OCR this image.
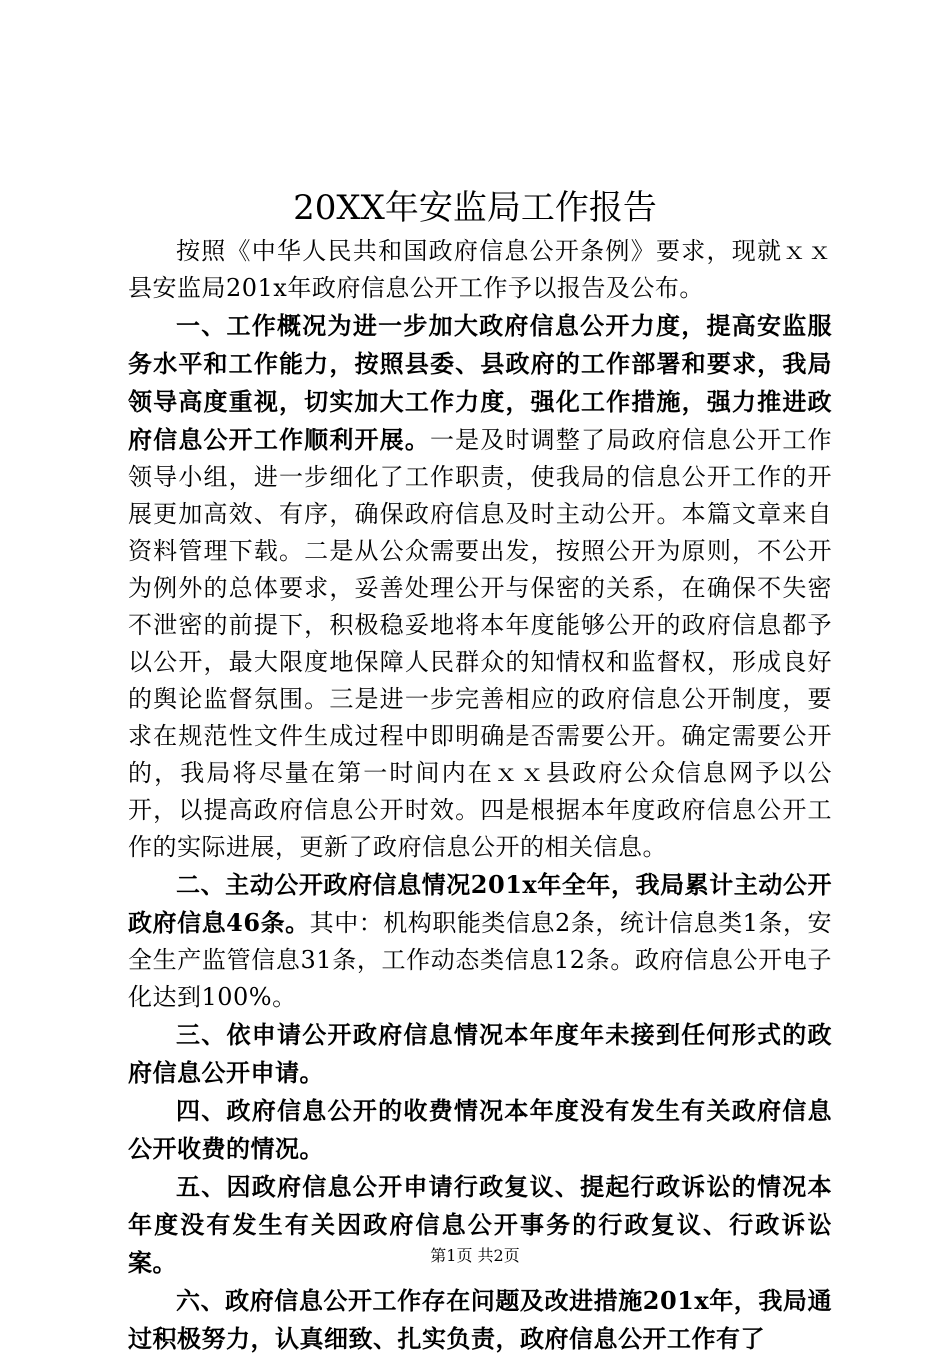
20XX年安监局工作报告

按照《中华人民共和国政府信息公开条例》要求，现就ｘｘ县安监局201x年政府信息公开工作予以报告及公布。

一、工作概况为进一步加大政府信息公开力度，提高安监服务水平和工作能力，按照县委、县政府的工作部署和要求，我局领导高度重视，切实加大工作力度，强化工作措施，强力推进政府信息公开工作顺利开展。一是及时调整了局政府信息公开工作领导小组，进一步细化了工作职责，使我局的信息公开工作的开展更加高效、有序，确保政府信息及时主动公开。本篇文章来自资料管理下载。二是从公众需要出发，按照公开为原则，不公开为例外的总体要求，妥善处理公开与保密的关系，在确保不失密不泄密的前提下，积极稳妥地将本年度能够公开的政府信息都予以公开，最大限度地保障人民群众的知情权和监督权，形成良好的舆论监督氛围。三是进一步完善相应的政府信息公开制度，要求在规范性文件生成过程中即明确是否需要公开。确定需要公开的，我局将尽量在第一时间内在ｘｘ县政府公众信息网予以公开，以提高政府信息公开时效。四是根据本年度政府信息公开工作的实际进展，更新了政府信息公开的相关信息。

二、主动公开政府信息情况201x年全年，我局累计主动公开政府信息46条。其中：机构职能类信息2条，统计信息类1条，安全生产监管信息31条，工作动态类信息12条。政府信息公开电子化达到100%。

三、依申请公开政府信息情况本年度年未接到任何形式的政府信息公开申请。

四、政府信息公开的收费情况本年度没有发生有关政府信息公开收费的情况。

五、因政府信息公开申请行政复议、提起行政诉讼的情况本年度没有发生有关因政府信息公开事务的行政复议、行政诉讼案。

六、政府信息公开工作存在问题及改进措施201x年，我局通过积极努力，认真细致、扎实负责，政府信息公开工作有了

第1页 共2页
